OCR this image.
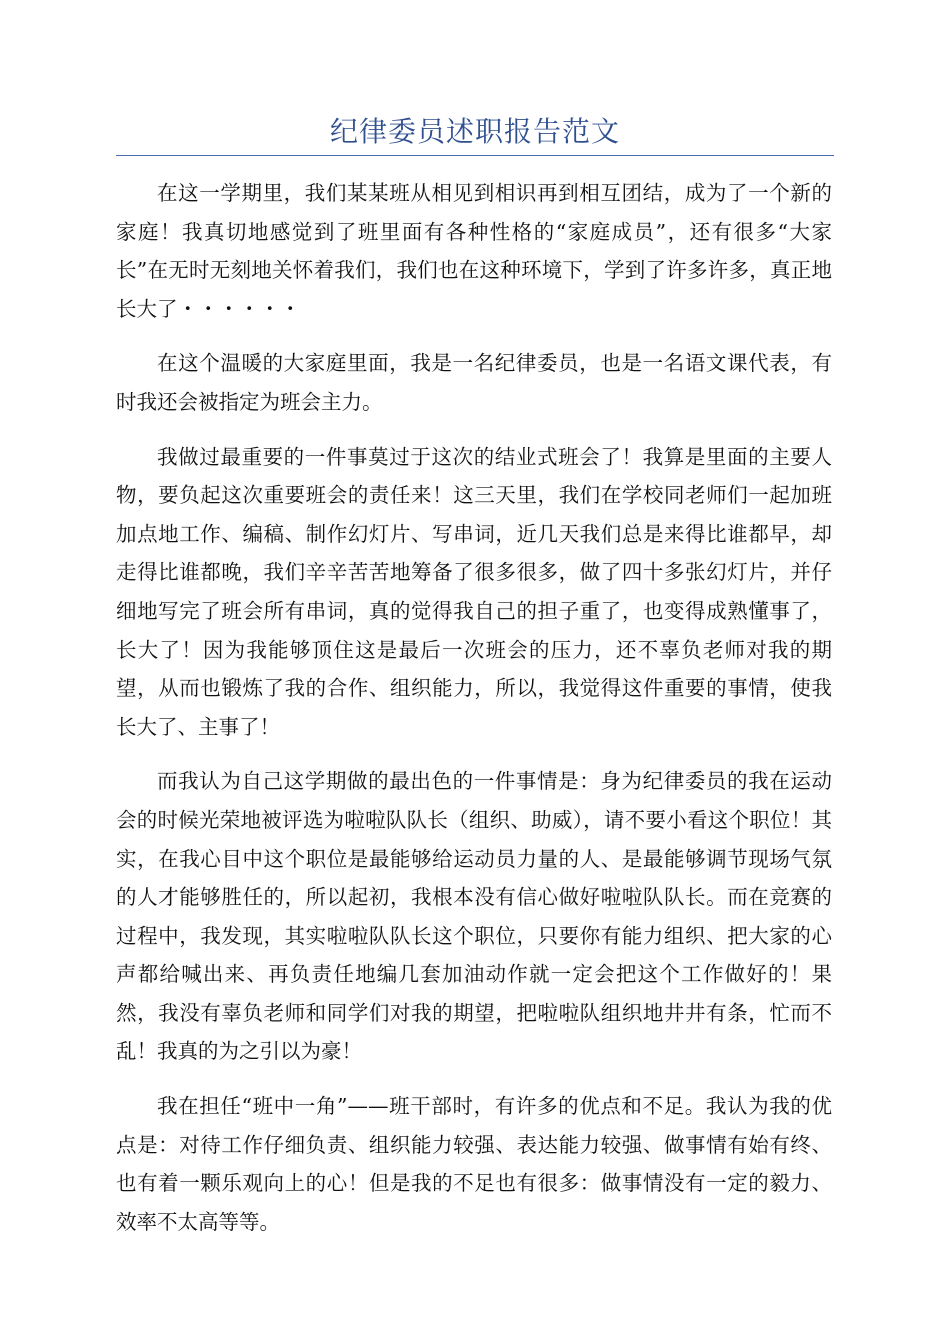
纪律委员述职报告范文

在这一学期里，我们某某班从相见到相识再到相互团结，成为了一个新的家庭！我真切地感觉到了班里面有各种性格的“家庭成员”，还有很多“大家长”在无时无刻地关怀着我们，我们也在这种环境下，学到了许多许多，真正地长大了・・・・・・

在这个温暖的大家庭里面，我是一名纪律委员，也是一名语文课代表，有时我还会被指定为班会主力。

我做过最重要的一件事莫过于这次的结业式班会了！我算是里面的主要人物，要负起这次重要班会的责任来！这三天里，我们在学校同老师们一起加班加点地工作、编稿、制作幻灯片、写串词，近几天我们总是来得比谁都早，却走得比谁都晚，我们辛辛苦苦地筹备了很多很多，做了四十多张幻灯片，并仔细地写完了班会所有串词，真的觉得我自己的担子重了，也变得成熟懂事了，长大了！因为我能够顶住这是最后一次班会的压力，还不辜负老师对我的期望，从而也锻炼了我的合作、组织能力，所以，我觉得这件重要的事情，使我长大了、主事了！

而我认为自己这学期做的最出色的一件事情是：身为纪律委员的我在运动会的时候光荣地被评选为啦啦队队长（组织、助威），请不要小看这个职位！其实，在我心目中这个职位是最能够给运动员力量的人、是最能够调节现场气氛的人才能够胜任的，所以起初，我根本没有信心做好啦啦队队长。而在竞赛的过程中，我发现，其实啦啦队队长这个职位，只要你有能力组织、把大家的心声都给喊出来、再负责任地编几套加油动作就一定会把这个工作做好的！果然，我没有辜负老师和同学们对我的期望，把啦啦队组织地井井有条，忙而不乱！我真的为之引以为豪！

我在担任“班中一角”——班干部时，有许多的优点和不足。我认为我的优点是：对待工作仔细负责、组织能力较强、表达能力较强、做事情有始有终、也有着一颗乐观向上的心！但是我的不足也有很多：做事情没有一定的毅力、效率不太高等等。
